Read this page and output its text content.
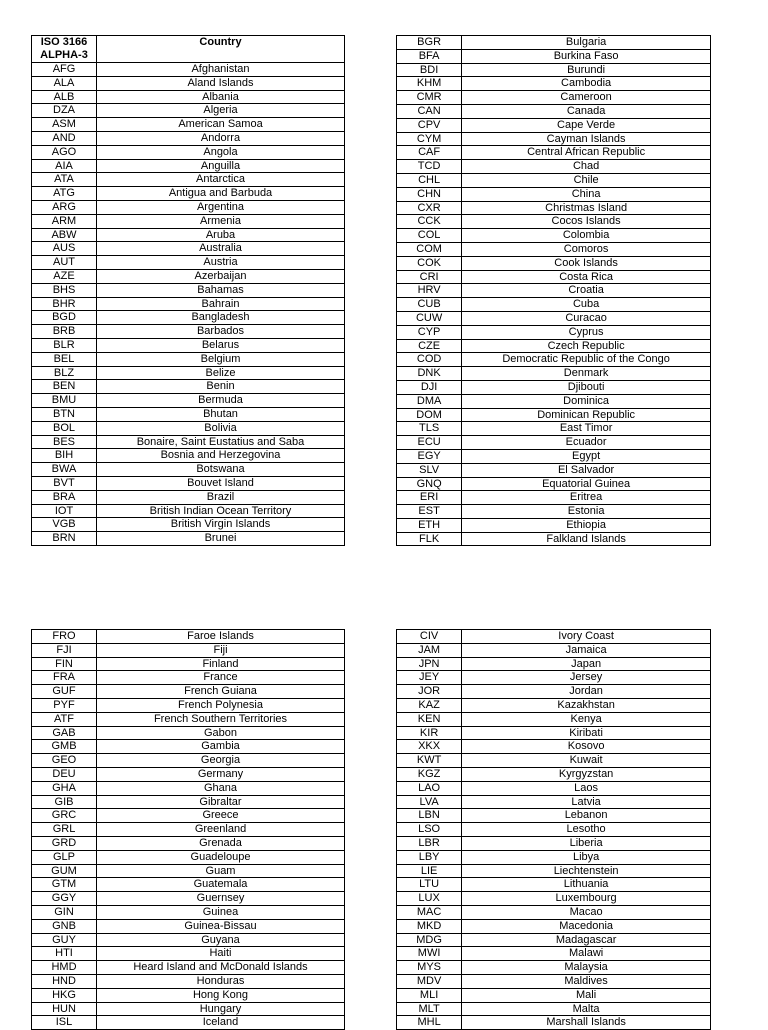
ISO 3166
ALPHA-3	Country
AFG	Afghanistan
ALA	Aland Islands
ALB	Albania
DZA	Algeria
ASM	American Samoa
AND	Andorra
AGO	Angola
AIA	Anguilla
ATA	Antarctica
ATG	Antigua and Barbuda
ARG	Argentina
ARM	Armenia
ABW	Aruba
AUS	Australia
AUT	Austria
AZE	Azerbaijan
BHS	Bahamas
BHR	Bahrain
BGD	Bangladesh
BRB	Barbados
BLR	Belarus
BEL	Belgium
BLZ	Belize
BEN	Benin
BMU	Bermuda
BTN	Bhutan
BOL	Bolivia
BES	Bonaire, Saint Eustatius and Saba
BIH	Bosnia and Herzegovina
BWA	Botswana
BVT	Bouvet Island
BRA	Brazil
IOT	British Indian Ocean Territory
VGB	British Virgin Islands
BRN	Brunei
BGR	Bulgaria
BFA	Burkina Faso
BDI	Burundi
KHM	Cambodia
CMR	Cameroon
CAN	Canada
CPV	Cape Verde
CYM	Cayman Islands
CAF	Central African Republic
TCD	Chad
CHL	Chile
CHN	China
CXR	Christmas Island
CCK	Cocos Islands
COL	Colombia
COM	Comoros
COK	Cook Islands
CRI	Costa Rica
HRV	Croatia
CUB	Cuba
CUW	Curacao
CYP	Cyprus
CZE	Czech Republic
COD	Democratic Republic of the Congo
DNK	Denmark
DJI	Djibouti
DMA	Dominica
DOM	Dominican Republic
TLS	East Timor
ECU	Ecuador
EGY	Egypt
SLV	El Salvador
GNQ	Equatorial Guinea
ERI	Eritrea
EST	Estonia
ETH	Ethiopia
FLK	Falkland Islands
FRO	Faroe Islands
FJI	Fiji
FIN	Finland
FRA	France
GUF	French Guiana
PYF	French Polynesia
ATF	French Southern Territories
GAB	Gabon
GMB	Gambia
GEO	Georgia
DEU	Germany
GHA	Ghana
GIB	Gibraltar
GRC	Greece
GRL	Greenland
GRD	Grenada
GLP	Guadeloupe
GUM	Guam
GTM	Guatemala
GGY	Guernsey
GIN	Guinea
GNB	Guinea-Bissau
GUY	Guyana
HTI	Haiti
HMD	Heard Island and McDonald Islands
HND	Honduras
HKG	Hong Kong
HUN	Hungary
ISL	Iceland
CIV	Ivory Coast
JAM	Jamaica
JPN	Japan
JEY	Jersey
JOR	Jordan
KAZ	Kazakhstan
KEN	Kenya
KIR	Kiribati
XKX	Kosovo
KWT	Kuwait
KGZ	Kyrgyzstan
LAO	Laos
LVA	Latvia
LBN	Lebanon
LSO	Lesotho
LBR	Liberia
LBY	Libya
LIE	Liechtenstein
LTU	Lithuania
LUX	Luxembourg
MAC	Macao
MKD	Macedonia
MDG	Madagascar
MWI	Malawi
MYS	Malaysia
MDV	Maldives
MLI	Mali
MLT	Malta
MHL	Marshall Islands
